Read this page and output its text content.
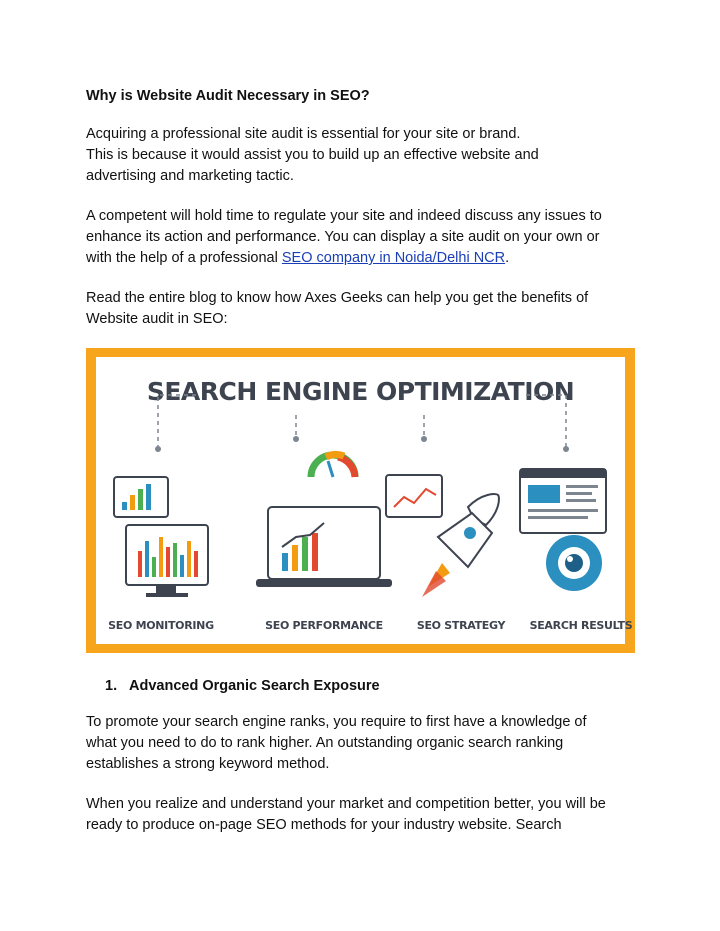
Why is Website Audit Necessary in SEO?
Acquiring a professional site audit is essential for your site or brand.
This is because it would assist you to build up an effective website and
advertising and marketing tactic.
A competent will hold time to regulate your site and indeed discuss any issues to
enhance its action and performance. You can display a site audit on your own or
with the help of a professional SEO company in Noida/Delhi NCR.
Read the entire blog to know how Axes Geeks can help you get the benefits of
Website audit in SEO:
SEARCH ENGINE OPTIMIZATION
SEO MONITORING	SEO PERFORMANCE	SEO STRATEGY	SEARCH RESULTS
1. Advanced Organic Search Exposure
To promote your search engine ranks, you require to first have a knowledge of
what you need to do to rank higher. An outstanding organic search ranking
establishes a strong keyword method.
When you realize and understand your market and competition better, you will be
ready to produce on-page SEO methods for your industry website. Search
